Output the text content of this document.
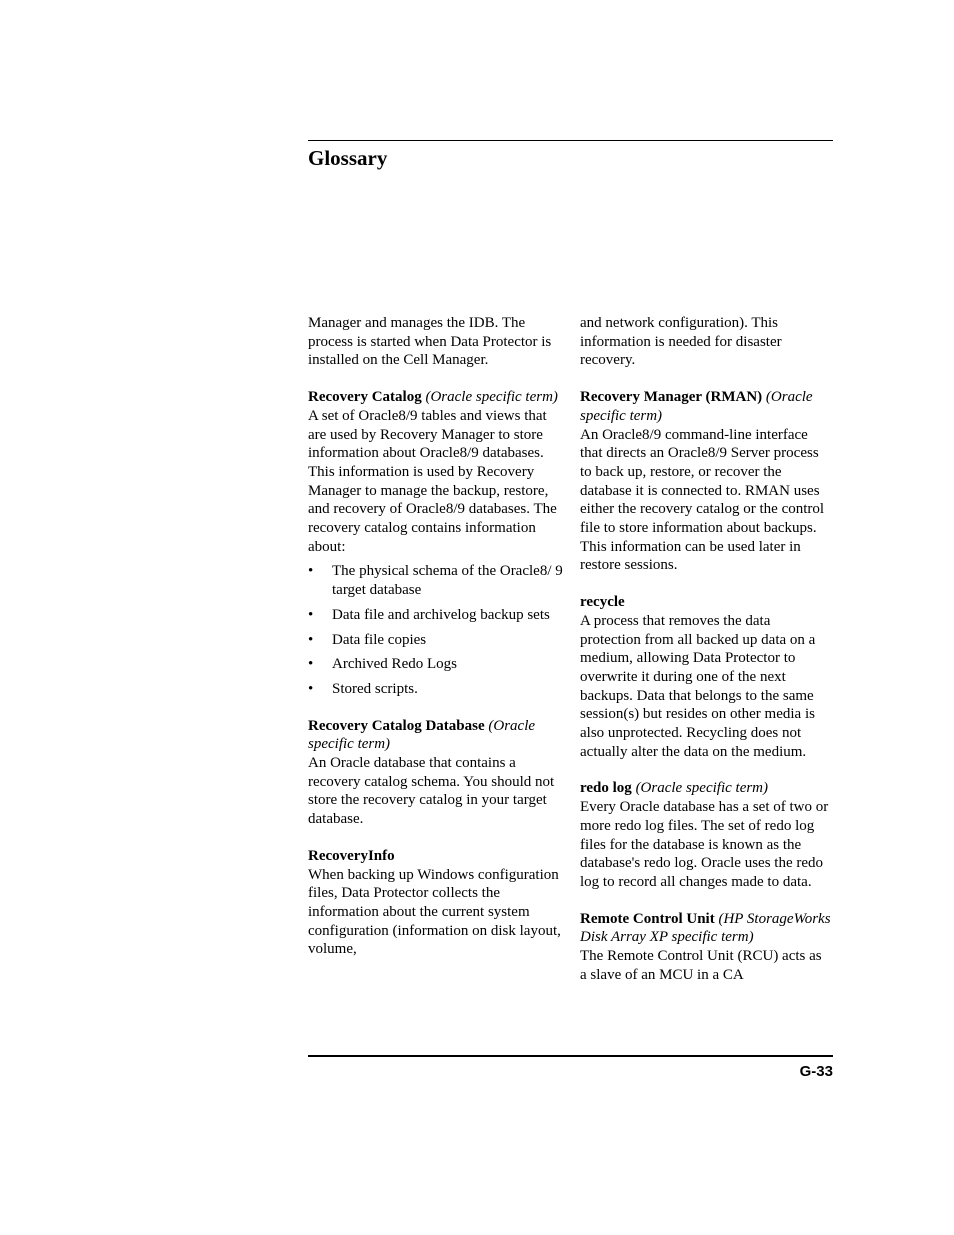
Glossary

Manager and manages the IDB. The process is started when Data Protector is installed on the Cell Manager.

Recovery Catalog (Oracle specific term)

A set of Oracle8/9 tables and views that are used by Recovery Manager to store information about Oracle8/9 databases. This information is used by Recovery Manager to manage the backup, restore, and recovery of Oracle8/9 databases. The recovery catalog contains information about:

• The physical schema of the Oracle8/ 9 target database
• Data file and archivelog backup sets
• Data file copies
• Archived Redo Logs
• Stored scripts.

Recovery Catalog Database (Oracle specific term)

An Oracle database that contains a recovery catalog schema. You should not store the recovery catalog in your target database.

RecoveryInfo

When backing up Windows configuration files, Data Protector collects the information about the current system configuration (information on disk layout, volume,

and network configuration). This information is needed for disaster recovery.

Recovery Manager (RMAN) (Oracle specific term)

An Oracle8/9 command-line interface that directs an Oracle8/9 Server process to back up, restore, or recover the database it is connected to. RMAN uses either the recovery catalog or the control file to store information about backups. This information can be used later in restore sessions.

recycle

A process that removes the data protection from all backed up data on a medium, allowing Data Protector to overwrite it during one of the next backups. Data that belongs to the same session(s) but resides on other media is also unprotected. Recycling does not actually alter the data on the medium.

redo log (Oracle specific term)

Every Oracle database has a set of two or more redo log files. The set of redo log files for the database is known as the database's redo log. Oracle uses the redo log to record all changes made to data.

Remote Control Unit (HP StorageWorks Disk Array XP specific term)

The Remote Control Unit (RCU) acts as a slave of an MCU in a CA

G-33
